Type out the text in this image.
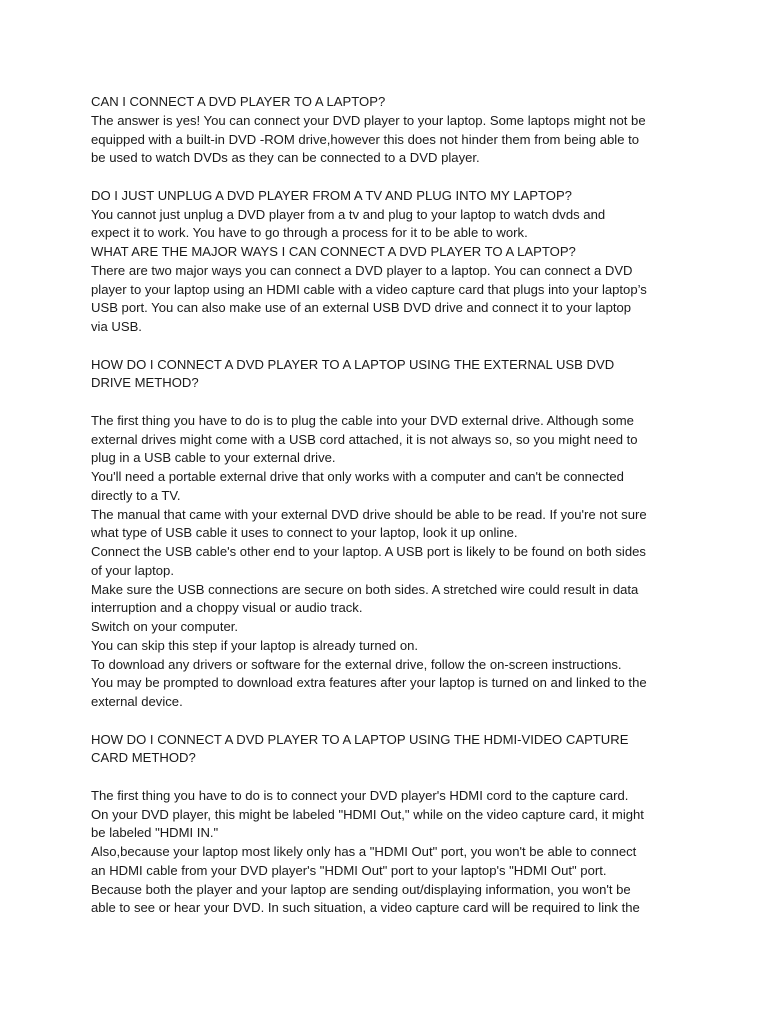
CAN I CONNECT A DVD PLAYER TO A LAPTOP?
The answer is yes! You can connect your DVD player to your laptop. Some laptops might not be
equipped with a built-in DVD -ROM drive,however this does not hinder them from being able to
be used to watch DVDs as they can be connected to a DVD player.
DO I JUST UNPLUG A DVD PLAYER FROM A TV AND PLUG INTO MY LAPTOP?
You cannot just unplug a DVD player from a tv and plug to your laptop to watch dvds and
expect it to work. You have to go through a process for it to be able to work.
WHAT ARE THE MAJOR WAYS I CAN CONNECT A DVD PLAYER TO A LAPTOP?
There are two major ways you can connect a DVD player to a laptop. You can connect a DVD
player to your laptop using an HDMI cable with a video capture card that plugs into your laptop’s
USB port. You can also make use of an external USB DVD drive and connect it to your laptop
via USB.
HOW DO I CONNECT A DVD PLAYER TO A LAPTOP USING THE EXTERNAL USB DVD
DRIVE METHOD?
The first thing you have to do is to plug the cable into your DVD external drive. Although some
external drives might come with a USB cord attached, it is not always so, so you might need to
plug in a USB cable to your external drive.
You'll need a portable external drive that only works with a computer and can't be connected
directly to a TV.
The manual that came with your external DVD drive should be able to be read. If you're not sure
what type of USB cable it uses to connect to your laptop, look it up online.
Connect the USB cable's other end to your laptop. A USB port is likely to be found on both sides
of your laptop.
Make sure the USB connections are secure on both sides. A stretched wire could result in data
interruption and a choppy visual or audio track.
Switch on your computer.
You can skip this step if your laptop is already turned on.
To download any drivers or software for the external drive, follow the on-screen instructions.
You may be prompted to download extra features after your laptop is turned on and linked to the
external device.
HOW DO I CONNECT A DVD PLAYER TO A LAPTOP USING THE HDMI-VIDEO CAPTURE
CARD METHOD?
The first thing you have to do is to connect your DVD player's HDMI cord to the capture card.
On your DVD player, this might be labeled "HDMI Out," while on the video capture card, it might
be labeled "HDMI IN."
Also,because your laptop most likely only has a "HDMI Out" port, you won't be able to connect
an HDMI cable from your DVD player's "HDMI Out" port to your laptop's "HDMI Out" port.
Because both the player and your laptop are sending out/displaying information, you won't be
able to see or hear your DVD. In such situation, a video capture card will be required to link the
